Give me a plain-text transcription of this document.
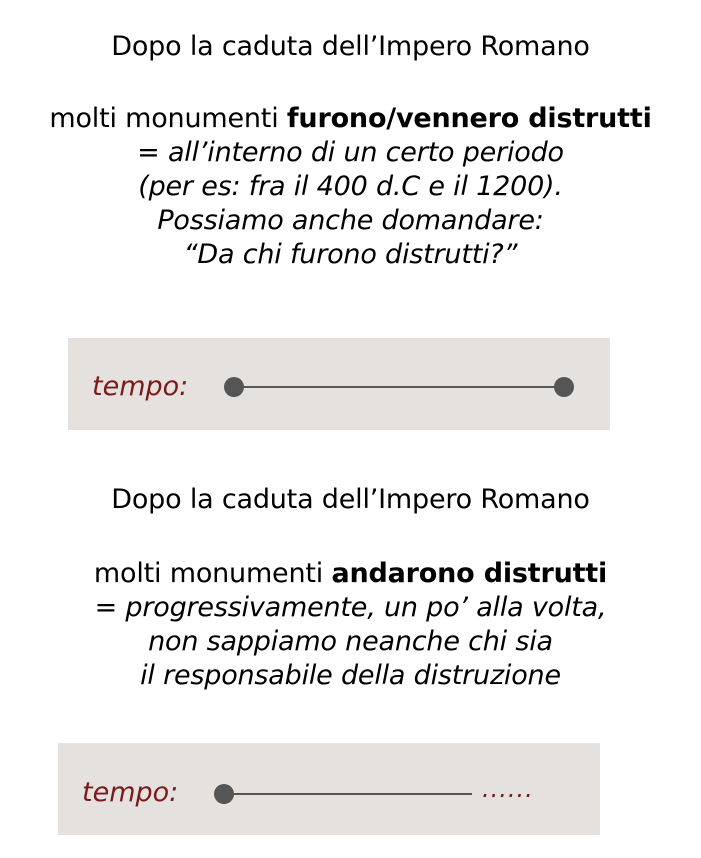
Dopo la caduta dell’Impero Romano
molti monumenti furono/vennero distrutti
= all’interno di un certo periodo
(per es: fra il 400 d.C e il 1200).
Possiamo anche domandare:
“Da chi furono distrutti?”
tempo:
Dopo la caduta dell’Impero Romano
molti monumenti andarono distrutti
= progressivamente, un po’ alla volta,
non sappiamo neanche chi sia
il responsabile della distruzione
tempo:	......
